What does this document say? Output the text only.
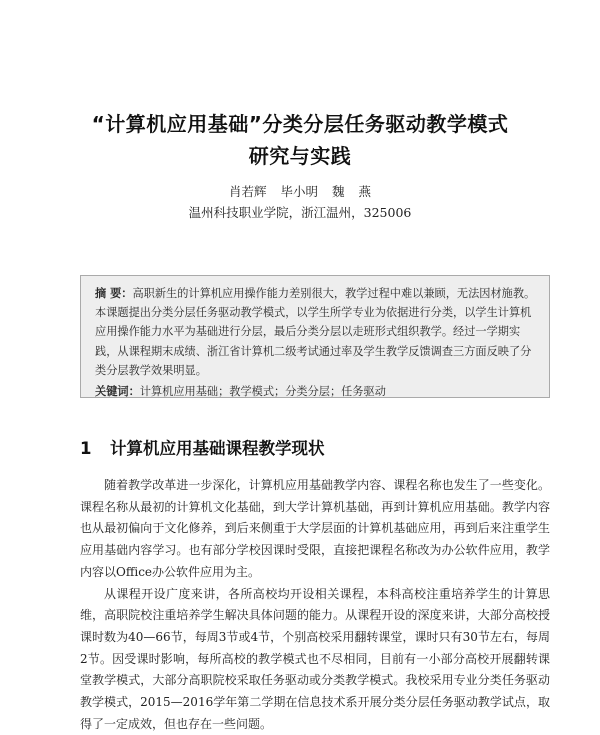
“计算机应用基础”分类分层任务驱动教学模式
研究与实践
肖若辉 毕小明 魏 燕
温州科技职业学院，浙江温州，325006
摘 要：高职新生的计算机应用操作能力差别很大，教学过程中难以兼顾，无法因材施教。本课题提出分类分层任务驱动教学模式，以学生所学专业为依据进行分类，以学生计算机应用操作能力水平为基础进行分层，最后分类分层以走班形式组织教学。经过一学期实践，从课程期末成绩、浙江省计算机二级考试通过率及学生教学反馈调查三方面反映了分类分层教学效果明显。
关键词：计算机应用基础；教学模式；分类分层；任务驱动
1 计算机应用基础课程教学现状

随着教学改革进一步深化，计算机应用基础教学内容、课程名称也发生了一些变化。课程名称从最初的计算机文化基础，到大学计算机基础，再到计算机应用基础。教学内容也从最初偏向于文化修养，到后来侧重于大学层面的计算机基础应用，再到后来注重学生应用基础内容学习。也有部分学校因课时受限，直接把课程名称改为办公软件应用，教学内容以Office办公软件应用为主。

从课程开设广度来讲，各所高校均开设相关课程，本科高校注重培养学生的计算思维，高职院校注重培养学生解决具体问题的能力。从课程开设的深度来讲，大部分高校授课时数为40—66节，每周3节或4节，个别高校采用翻转课堂，课时只有30节左右，每周2节。因受课时影响，每所高校的教学模式也不尽相同，目前有一小部分高校开展翻转课堂教学模式，大部分高职院校采取任务驱动或分类教学模式。我校采用专业分类任务驱动教学模式，2015—2016学年第二学期在信息技术系开展分类分层任务驱动教学试点，取得了一定成效，但也存在一些问题。
